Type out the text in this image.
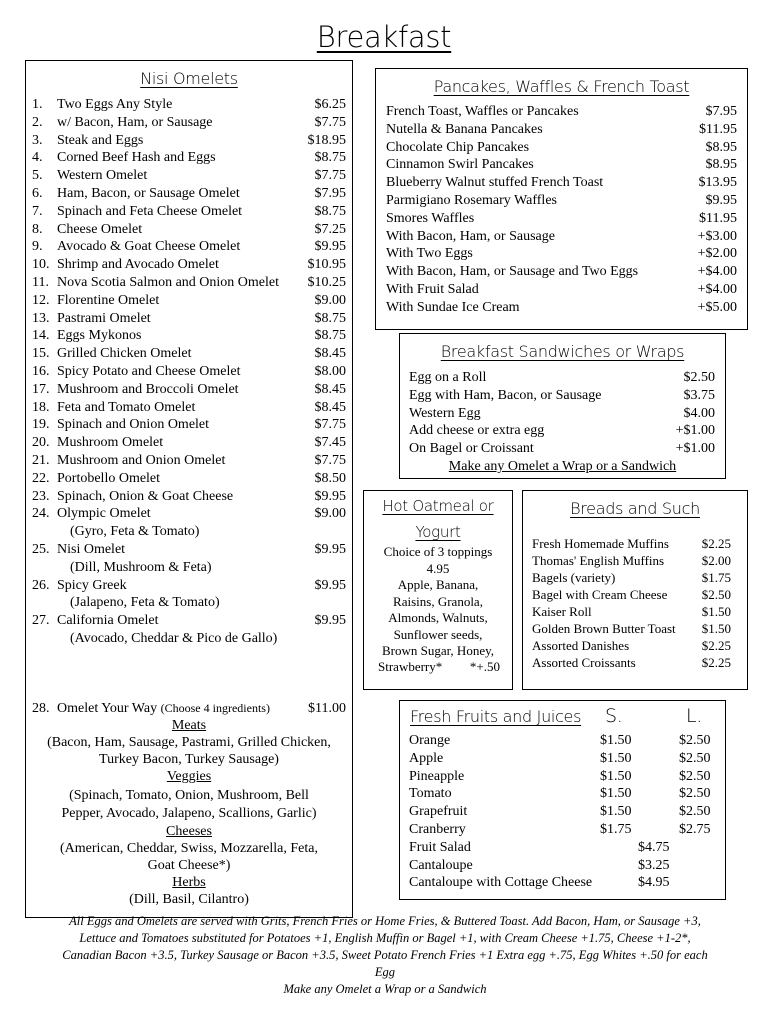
Breakfast
Nisi Omelets
1.	Two Eggs Any Style	$6.25
2.	w/ Bacon, Ham, or Sausage	$7.75
3.	Steak and Eggs	$18.95
4.	Corned Beef Hash and Eggs	$8.75
5.	Western Omelet	$7.75
6.	Ham, Bacon, or Sausage Omelet	$7.95
7.	Spinach and Feta Cheese Omelet	$8.75
8.	Cheese Omelet	$7.25
9.	Avocado & Goat Cheese Omelet	$9.95
10. Shrimp and Avocado Omelet	$10.95
11. Nova Scotia Salmon and Onion Omelet $10.25
12. Florentine Omelet	$9.00
13. Pastrami Omelet	$8.75
14. Eggs Mykonos	$8.75
15. Grilled Chicken Omelet	$8.45
16. Spicy Potato and Cheese Omelet	$8.00
17. Mushroom and Broccoli Omelet	$8.45
18. Feta and Tomato Omelet	$8.45
19. Spinach and Onion Omelet	$7.75
20. Mushroom Omelet	$7.45
21. Mushroom and Onion Omelet	$7.75
22. Portobello Omelet	$8.50
23. Spinach, Onion & Goat Cheese	$9.95
24. Olympic Omelet	$9.00
(Gyro, Feta & Tomato)
25. Nisi Omelet	$9.95
(Dill, Mushroom & Feta)
26. Spicy Greek	$9.95
(Jalapeno, Feta & Tomato)
27. California Omelet	$9.95
(Avocado, Cheddar & Pico de Gallo)
28. Omelet Your Way (Choose 4 ingredients)	$11.00
Meats
(Bacon, Ham, Sausage, Pastrami, Grilled Chicken,
Turkey Bacon, Turkey Sausage)
Veggies
(Spinach, Tomato, Onion, Mushroom, Bell
Pepper, Avocado, Jalapeno, Scallions, Garlic)
Cheeses
(American, Cheddar, Swiss, Mozzarella, Feta,
Goat Cheese*)
Herbs
(Dill, Basil, Cilantro)
Pancakes, Waffles & French Toast
French Toast, Waffles or Pancakes	$7.95
Nutella & Banana Pancakes	$11.95
Chocolate Chip Pancakes	$8.95
Cinnamon Swirl Pancakes	$8.95
Blueberry Walnut stuffed French Toast	$13.95
Parmigiano Rosemary Waffles	$9.95
Smores Waffles	$11.95
With Bacon, Ham, or Sausage	+$3.00
With Two Eggs	+$2.00
With Bacon, Ham, or Sausage and Two Eggs	+$4.00
With Fruit Salad	+$4.00
With Sundae Ice Cream	+$5.00
Breakfast Sandwiches or Wraps
Egg on a Roll	$2.50
Egg with Ham, Bacon, or Sausage	$3.75
Western Egg	$4.00
Add cheese or extra egg	+$1.00
On Bagel or Croissant	+$1.00
Make any Omelet a Wrap or a Sandwich
Hot Oatmeal or
Yogurt
Choice of 3 toppings
4.95
Apple, Banana,
Raisins, Granola,
Almonds, Walnuts,
Sunflower seeds,
Brown Sugar, Honey,
Strawberry* *+.50
Breads and Such
Fresh Homemade Muffins	$2.25
Thomas' English Muffins	$2.00
Bagels (variety)	$1.75
Bagel with Cream Cheese	$2.50
Kaiser Roll	$1.50
Golden Brown Butter Toast $1.50
Assorted Danishes	$2.25
Assorted Croissants	$2.25
Fresh Fruits and Juices S.	L.
Orange	$1.50	$2.50
Apple	$1.50	$2.50
Pineapple	$1.50	$2.50
Tomato	$1.50	$2.50
Grapefruit	$1.50	$2.50
Cranberry	$1.75	$2.75
Fruit Salad	$4.75
Cantaloupe	$3.25
Cantaloupe with Cottage Cheese	$4.95
All Eggs and Omelets are served with Grits, French Fries or Home Fries, & Buttered Toast. Add Bacon, Ham, or Sausage +3,
Lettuce and Tomatoes substituted for Potatoes +1, English Muffin or Bagel +1, with Cream Cheese +1.75, Cheese +1-2*,
Canadian Bacon +3.5, Turkey Sausage or Bacon +3.5, Sweet Potato French Fries +1 Extra egg +.75, Egg Whites +.50 for each
Egg
Make any Omelet a Wrap or a Sandwich
